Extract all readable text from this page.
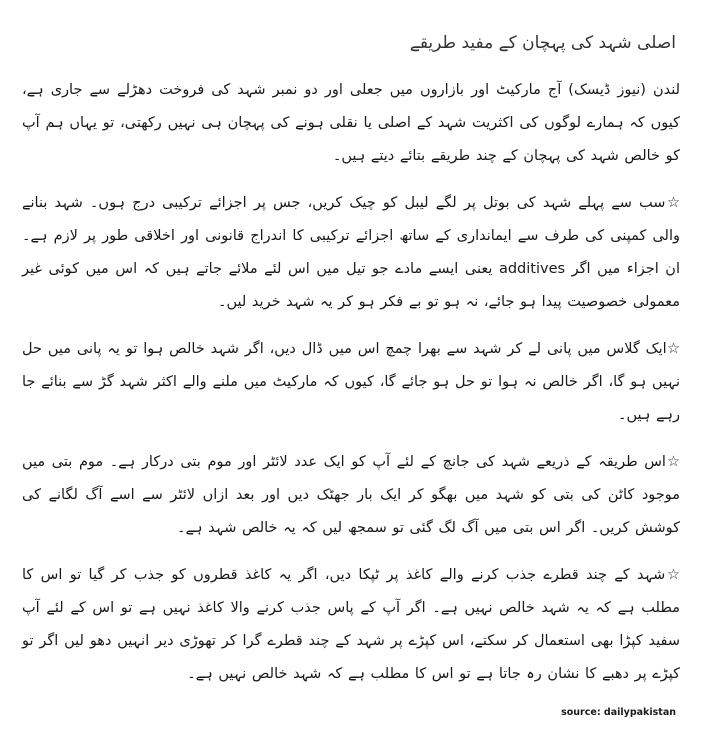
اصلی شہد کی پہچان کے مفید طریقے

لندن (نیوز ڈیسک) آج مارکیٹ اور بازاروں میں جعلی اور دو نمبر شہد کی فروخت دھڑلے سے جاری ہے، کیوں کہ ہمارے لوگوں کی اکثریت شہد کے اصلی یا نقلی ہونے کی پہچان ہی نہیں رکھتی، تو یہاں ہم آپ کو خالص شہد کی پہچان کے چند طریقے بتائے دیتے ہیں۔

☆سب سے پہلے شہد کی بوتل پر لگے لیبل کو چیک کریں، جس پر اجزائے ترکیبی درج ہوں۔ شہد بنانے والی کمپنی کی طرف سے ایمانداری کے ساتھ اجزائے ترکیبی کا اندراج قانونی اور اخلاقی طور پر لازم ہے۔ ان اجزاء میں اگر additives یعنی ایسے مادے جو تیل میں اس لئے ملائے جاتے ہیں کہ اس میں کوئی غیر معمولی خصوصیت پیدا ہو جائے، نہ ہو تو بے فکر ہو کر یہ شہد خرید لیں۔

☆ایک گلاس میں پانی لے کر شہد سے بھرا چمچ اس میں ڈال دیں، اگر شہد خالص ہوا تو یہ پانی میں حل نہیں ہو گا، اگر خالص نہ ہوا تو حل ہو جائے گا، کیوں کہ مارکیٹ میں ملنے والے اکثر شہد گڑ سے بنائے جا رہے ہیں۔

☆اس طریقہ کے ذریعے شہد کی جانچ کے لئے آپ کو ایک عدد لائٹر اور موم بتی درکار ہے۔ موم بتی میں موجود کاٹن کی بتی کو شہد میں بھگو کر ایک بار جھٹک دیں اور بعد ازاں لائٹر سے اسے آگ لگانے کی کوشش کریں۔ اگر اس بتی میں آگ لگ گئی تو سمجھ لیں کہ یہ خالص شہد ہے۔

☆شہد کے چند قطرے جذب کرنے والے کاغذ پر ٹپکا دیں، اگر یہ کاغذ قطروں کو جذب کر گیا تو اس کا مطلب ہے کہ یہ شہد خالص نہیں ہے۔ اگر آپ کے پاس جذب کرنے والا کاغذ نہیں ہے تو اس کے لئے آپ سفید کپڑا بھی استعمال کر سکتے، اس کپڑے پر شہد کے چند قطرے گرا کر تھوڑی دیر انہیں دھو لیں اگر تو کپڑے پر دھبے کا نشان رہ جاتا ہے تو اس کا مطلب ہے کہ شہد خالص نہیں ہے۔

source: dailypakistan
